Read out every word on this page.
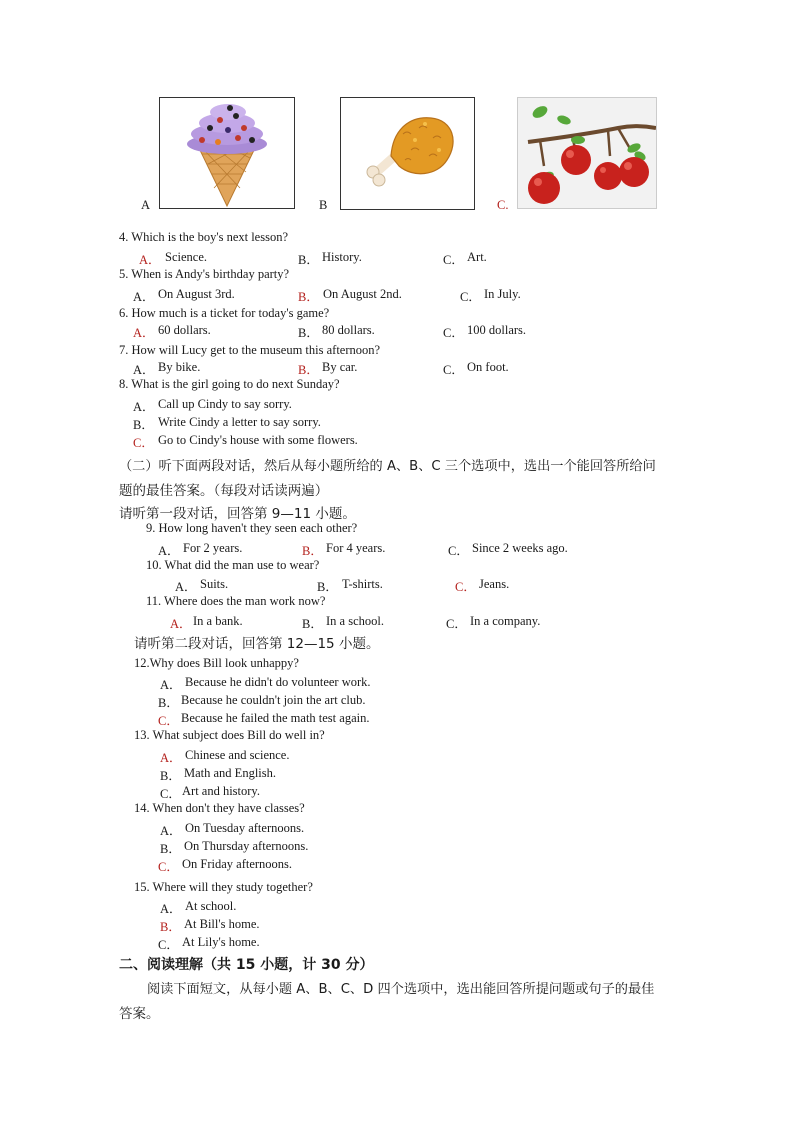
A	B	C.
4. Which is the boy's next lesson?
A． Science.	B． History.	C． Art.
5. When is Andy's birthday party?
A． On August 3rd.	B． On August 2nd.	C． In July.
6. How much is a ticket for today's game?
A． 60 dollars.	B． 80 dollars.	C． 100 dollars.
7. How will Lucy get to the museum this afternoon?
A． By bike.	B． By car.	C． On foot.
8. What is the girl going to do next Sunday?
A． Call up Cindy to say sorry.
B． Write Cindy a letter to say sorry.
C． Go to Cindy's house with some flowers.
（二）听下面两段对话，然后从每小题所给的 A、B、C 三个选项中，选出一个能回答所给问
题的最佳答案。（每段对话读两遍）
请听第一段对话，回答第 9—11 小题。
9. How long haven't they seen each other?
A． For 2 years.	B． For 4 years.	C． Since 2 weeks ago.
10. What did the man use to wear?
A． Suits.	B． T-shirts.	C． Jeans.
11. Where does the man work now?
A． In a bank.	B． In a school.	C． In a company.
请听第二段对话，回答第 12—15 小题。
12.Why does Bill look unhappy?
A． Because he didn't do volunteer work.
B． Because he couldn't join the art club.
C． Because he failed the math test again.
13. What subject does Bill do well in?
A． Chinese and science.
B． Math and English.
C． Art and history.
14. When don't they have classes?
A． On Tuesday afternoons.
B． On Thursday afternoons.
C． On Friday afternoons.
15. Where will they study together?
A． At school.
B． At Bill's home.
C． At Lily's home.
二、阅读理解（共 15 小题，计 30 分）
阅读下面短文，从每小题 A、B、C、D 四个选项中，选出能回答所提问题或句子的最佳
答案。
